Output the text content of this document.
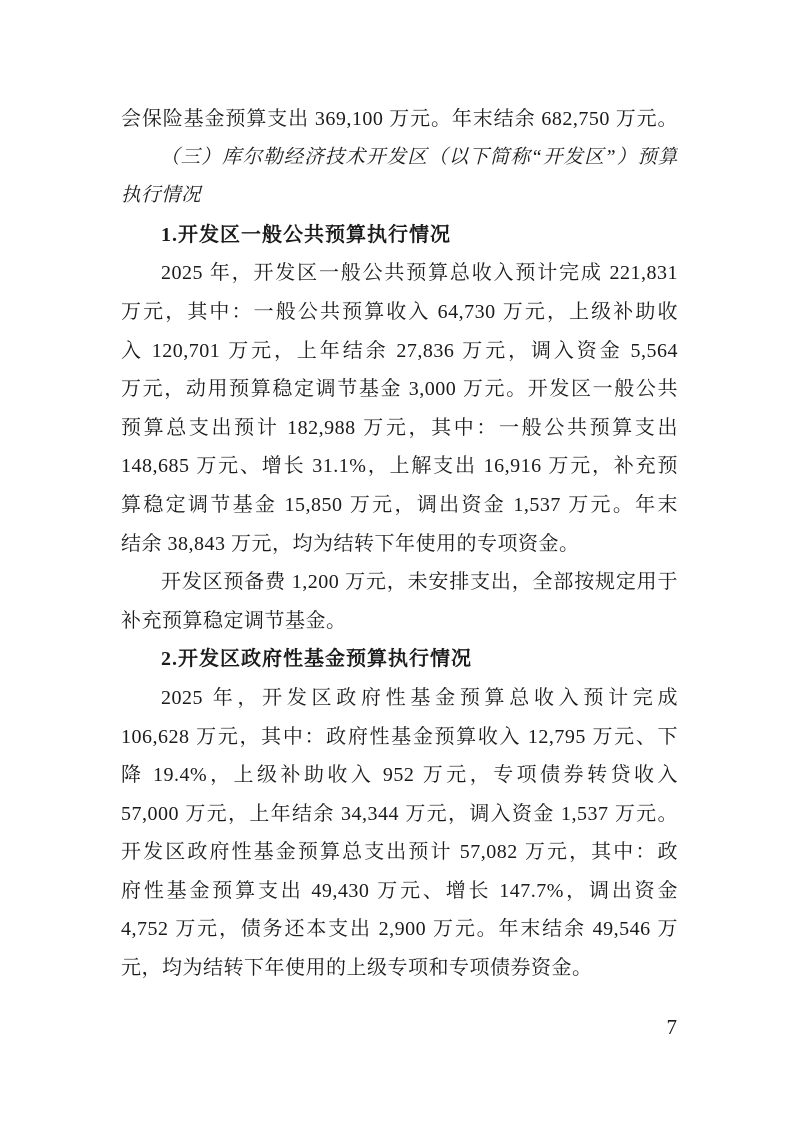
会保险基金预算支出 369,100 万元。年末结余 682,750 万元。
（三）库尔勒经济技术开发区（以下简称“开发区”）预算
执行情况
1.开发区一般公共预算执行情况
2025 年，开发区一般公共预算总收入预计完成 221,831
万元，其中：一般公共预算收入 64,730 万元，上级补助收
入 120,701 万元，上年结余 27,836 万元，调入资金 5,564
万元，动用预算稳定调节基金 3,000 万元。开发区一般公共
预算总支出预计 182,988 万元，其中：一般公共预算支出
148,685 万元、增长 31.1%，上解支出 16,916 万元，补充预
算稳定调节基金 15,850 万元，调出资金 1,537 万元。年末
结余 38,843 万元，均为结转下年使用的专项资金。
开发区预备费 1,200 万元，未安排支出，全部按规定用于
补充预算稳定调节基金。
2.开发区政府性基金预算执行情况
2025 年，开发区政府性基金预算总收入预计完成
106,628 万元，其中：政府性基金预算收入 12,795 万元、下
降 19.4%，上级补助收入 952 万元，专项债券转贷收入
57,000 万元，上年结余 34,344 万元，调入资金 1,537 万元。
开发区政府性基金预算总支出预计 57,082 万元，其中：政
府性基金预算支出 49,430 万元、增长 147.7%，调出资金
4,752 万元，债务还本支出 2,900 万元。年末结余 49,546 万
元，均为结转下年使用的上级专项和专项债券资金。
7
